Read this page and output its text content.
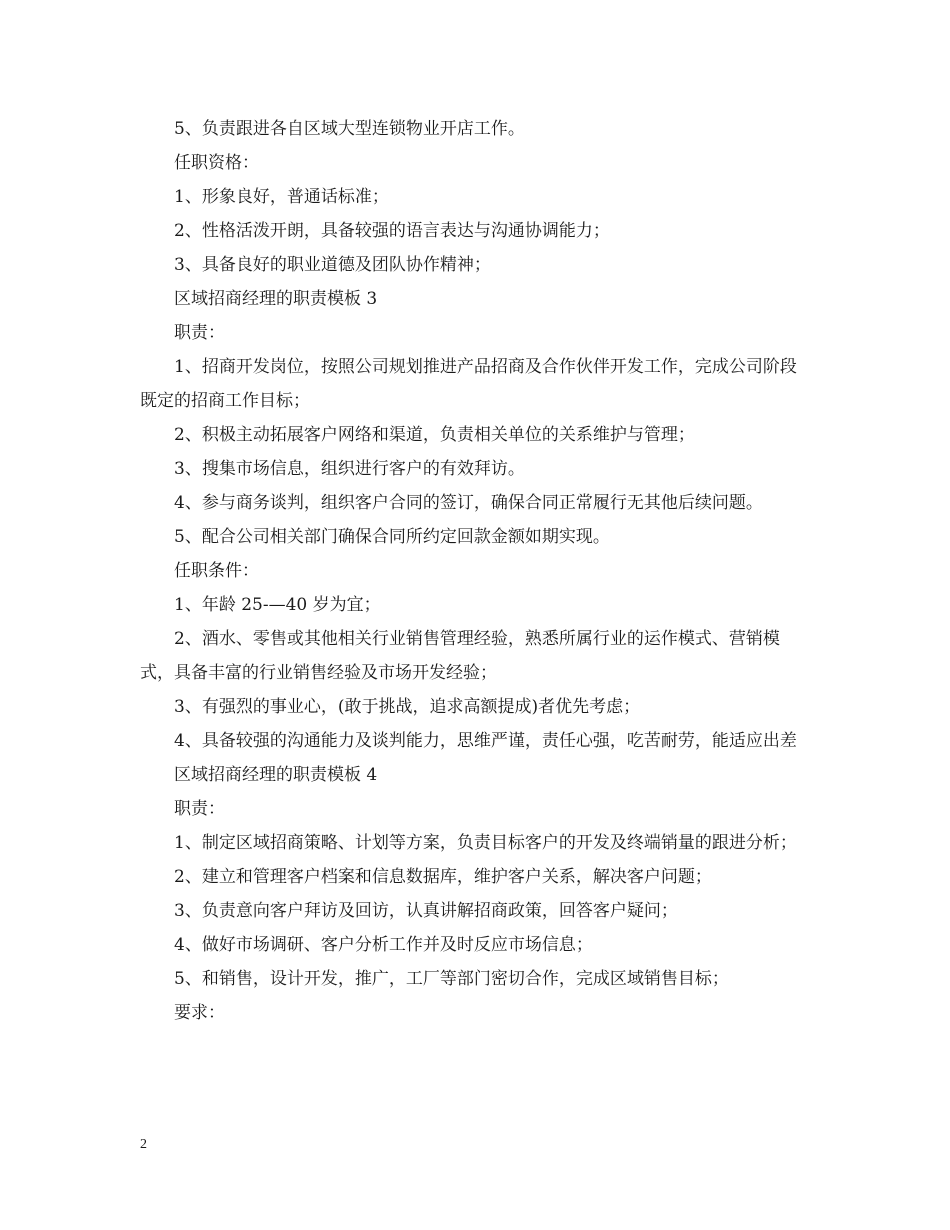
5、负责跟进各自区域大型连锁物业开店工作。

任职资格：

1、形象良好，普通话标准；

2、性格活泼开朗，具备较强的语言表达与沟通协调能力；

3、具备良好的职业道德及团队协作精神；

区域招商经理的职责模板 3

职责：

1、招商开发岗位，按照公司规划推进产品招商及合作伙伴开发工作，完成公司阶段既定的招商工作目标；

2、积极主动拓展客户网络和渠道，负责相关单位的关系维护与管理；

3、搜集市场信息，组织进行客户的有效拜访。

4、参与商务谈判，组织客户合同的签订，确保合同正常履行无其他后续问题。

5、配合公司相关部门确保合同所约定回款金额如期实现。

任职条件：

1、年龄 25-—40 岁为宜；

2、酒水、零售或其他相关行业销售管理经验，熟悉所属行业的运作模式、营销模式，具备丰富的行业销售经验及市场开发经验；

3、有强烈的事业心，(敢于挑战，追求高额提成)者优先考虑；

4、具备较强的沟通能力及谈判能力，思维严谨，责任心强，吃苦耐劳，能适应出差

区域招商经理的职责模板 4

职责：

1、制定区域招商策略、计划等方案，负责目标客户的开发及终端销量的跟进分析；

2、建立和管理客户档案和信息数据库，维护客户关系，解决客户问题；

3、负责意向客户拜访及回访，认真讲解招商政策，回答客户疑问；

4、做好市场调研、客户分析工作并及时反应市场信息；

5、和销售，设计开发，推广，工厂等部门密切合作，完成区域销售目标；

要求：

2
